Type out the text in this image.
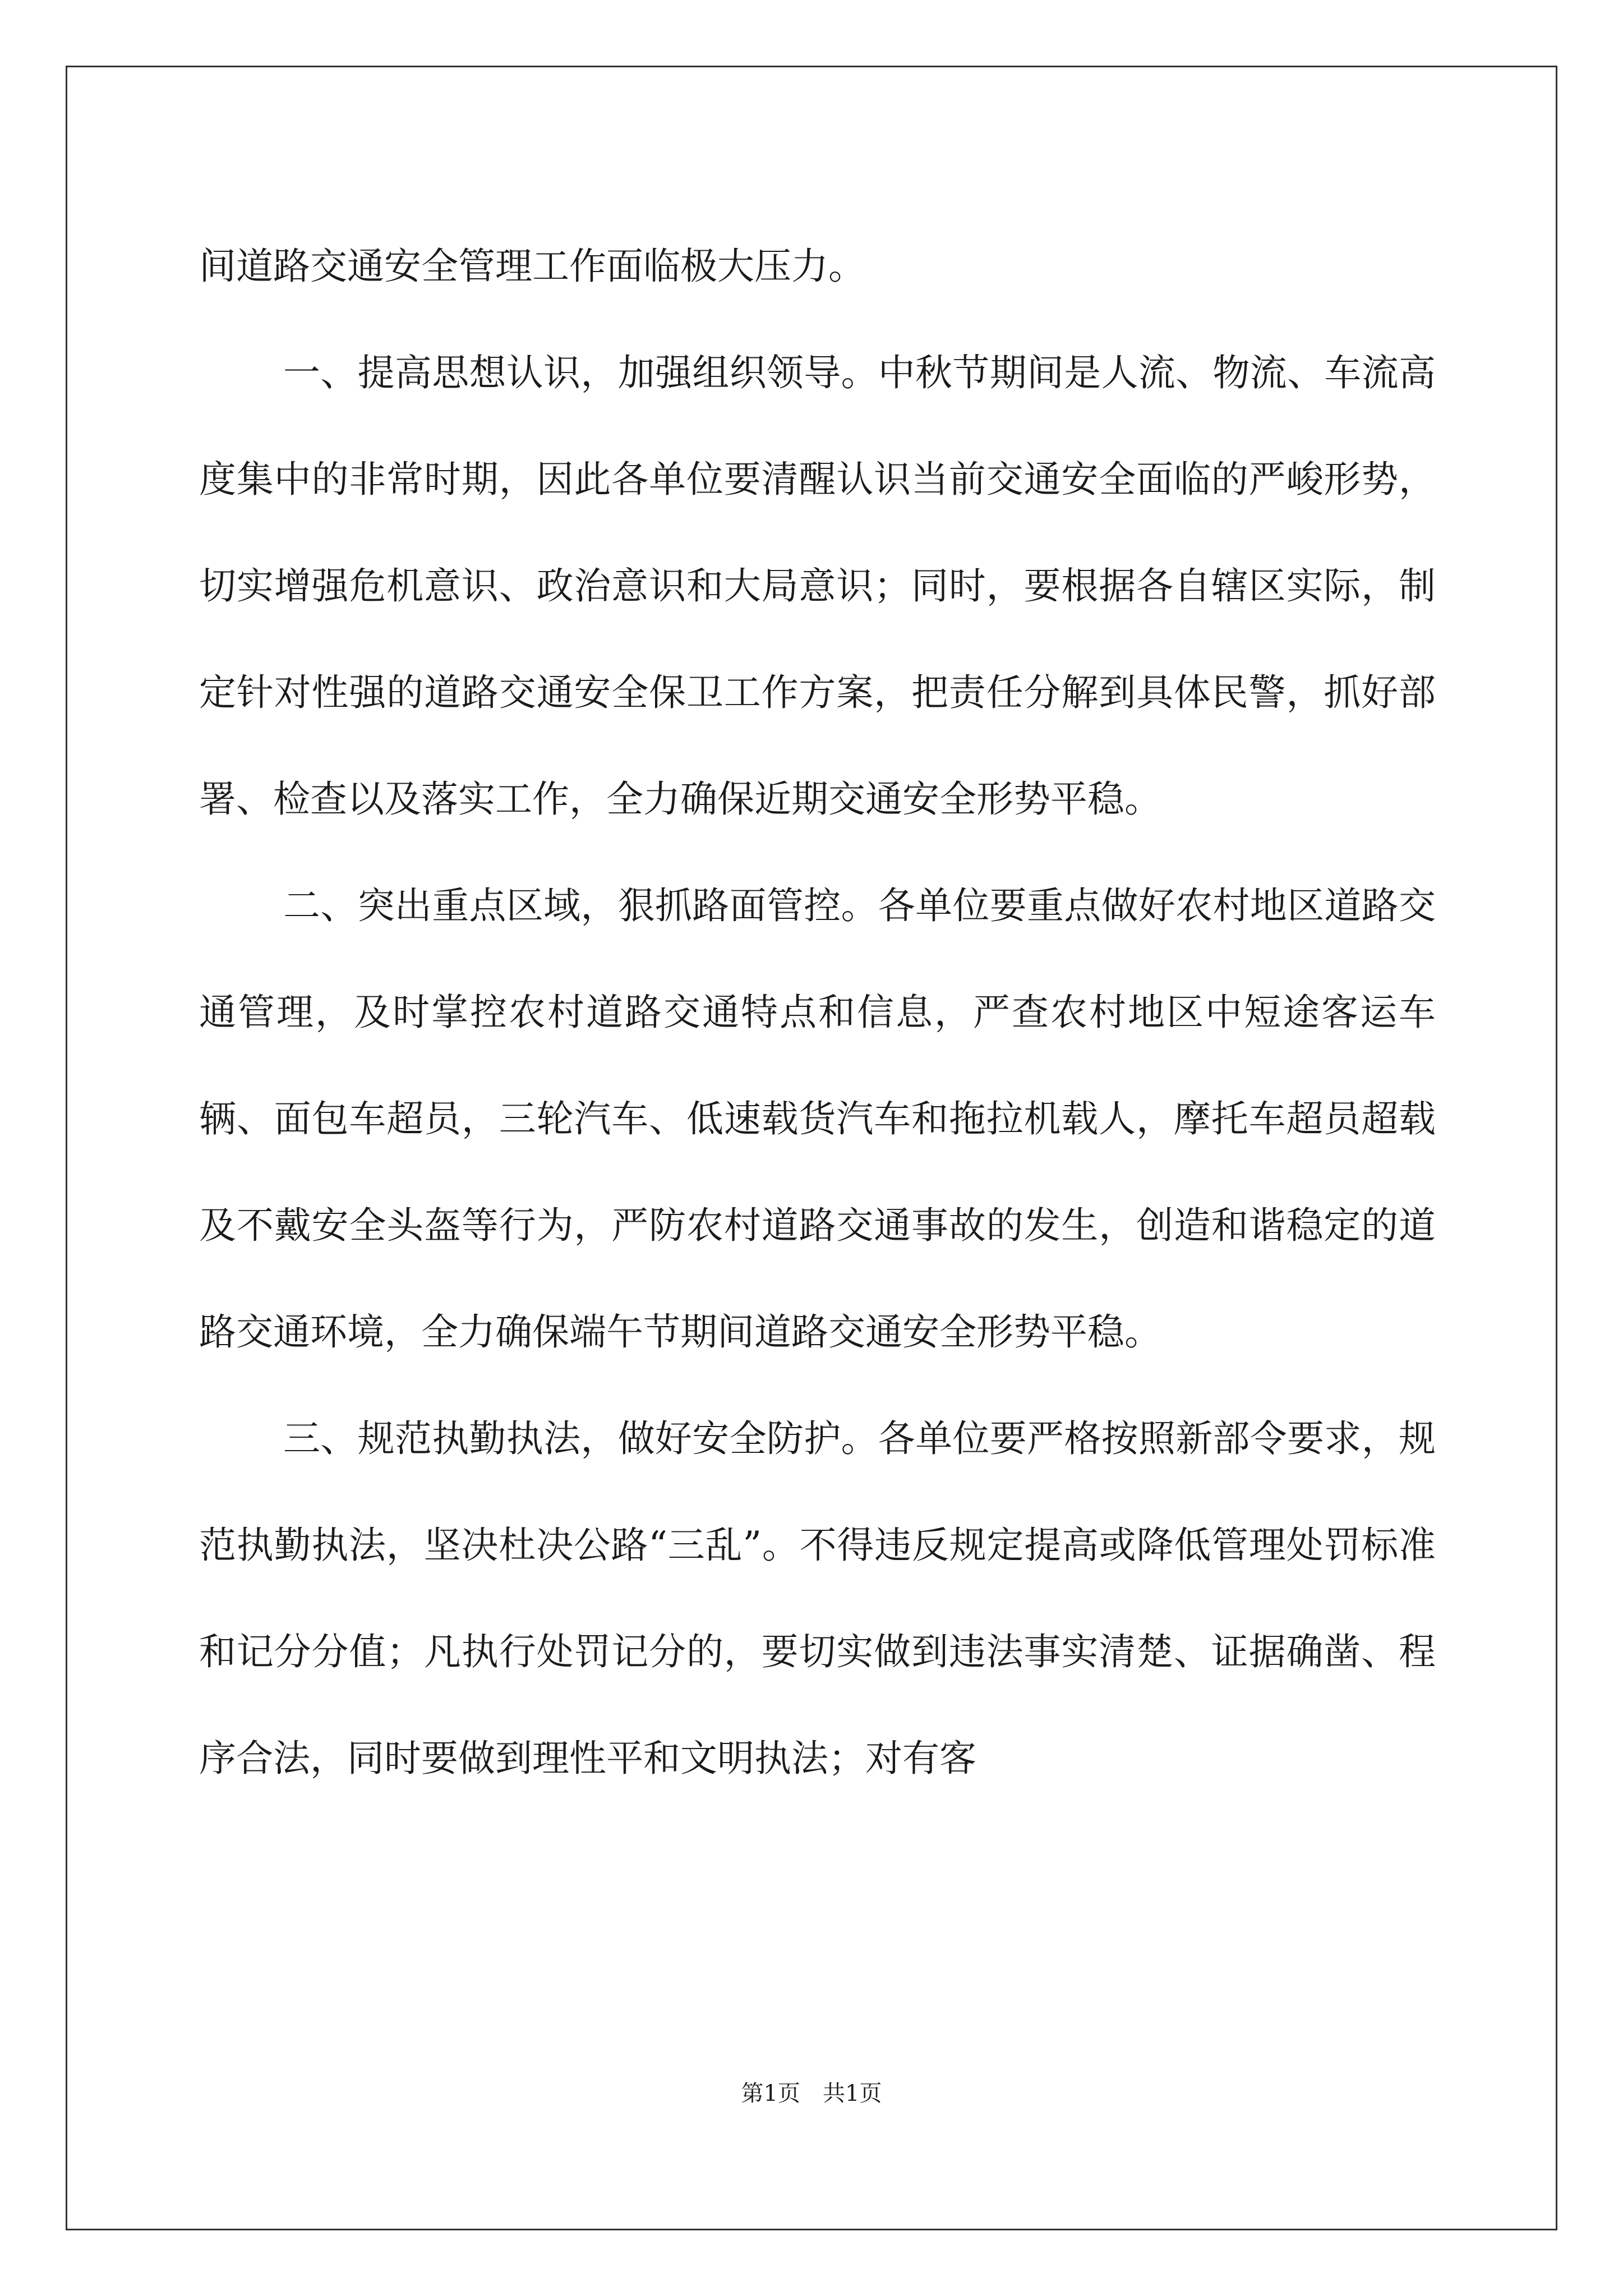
间道路交通安全管理工作面临极大压力。

一、提高思想认识，加强组织领导。中秋节期间是人流、物流、车流高度集中的非常时期，因此各单位要清醒认识当前交通安全面临的严峻形势，切实增强危机意识、政治意识和大局意识；同时，要根据各自辖区实际，制定针对性强的道路交通安全保卫工作方案，把责任分解到具体民警，抓好部署、检查以及落实工作，全力确保近期交通安全形势平稳。

二、突出重点区域，狠抓路面管控。各单位要重点做好农村地区道路交通管理，及时掌控农村道路交通特点和信息，严查农村地区中短途客运车辆、面包车超员，三轮汽车、低速载货汽车和拖拉机载人，摩托车超员超载及不戴安全头盔等行为，严防农村道路交通事故的发生，创造和谐稳定的道路交通环境，全力确保端午节期间道路交通安全形势平稳。

三、规范执勤执法，做好安全防护。各单位要严格按照新部令要求，规范执勤执法，坚决杜决公路“三乱”。不得违反规定提高或降低管理处罚标准和记分分值；凡执行处罚记分的，要切实做到违法事实清楚、证据确凿、程序合法，同时要做到理性平和文明执法；对有客

第1页　共1页
